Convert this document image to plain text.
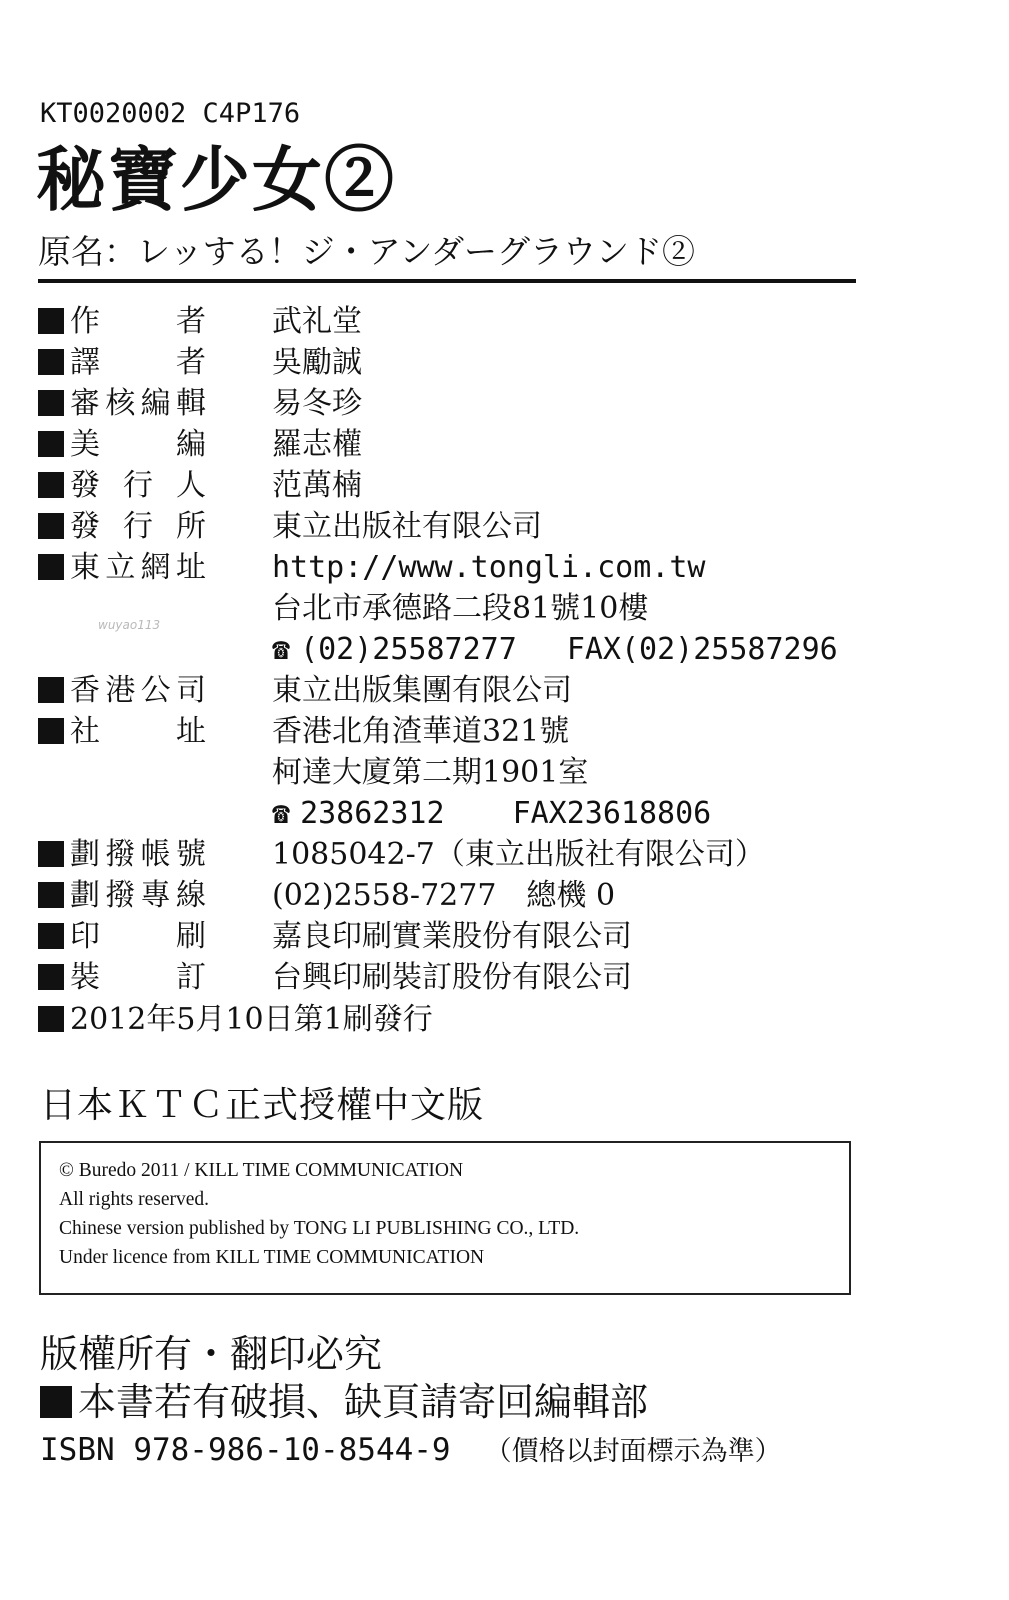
KT0020002 C4P176
秘寶少女②
原名：レッする！ジ・アンダーグラウンド②
wuyao113
作者 武礼堂
譯者 吳勵誠
審核編輯 易冬珍
美編 羅志權
發行人 范萬楠
發行所 東立出版社有限公司
東立網址 http://www.tongli.com.tw
台北市承德路二段81號10樓
☎ (02)25587277 FAX(02)25587296
香港公司 東立出版集團有限公司
社址 香港北角渣華道321號
柯達大廈第二期1901室
☎ 23862312 FAX23618806
劃撥帳號 1085042-7（東立出版社有限公司）
劃撥專線 (02)2558-7277　總機 0
印刷 嘉良印刷實業股份有限公司
裝訂 台興印刷裝訂股份有限公司
2012年5月10日第1刷發行
日本ＫＴＣ正式授權中文版
© Buredo 2011 / KILL TIME COMMUNICATION
All rights reserved.
Chinese version published by TONG LI PUBLISHING CO., LTD.
Under licence from KILL TIME COMMUNICATION
版權所有・翻印必究
本書若有破損、缺頁請寄回編輯部
ISBN 978-986-10-8544-9 （價格以封面標示為準）
